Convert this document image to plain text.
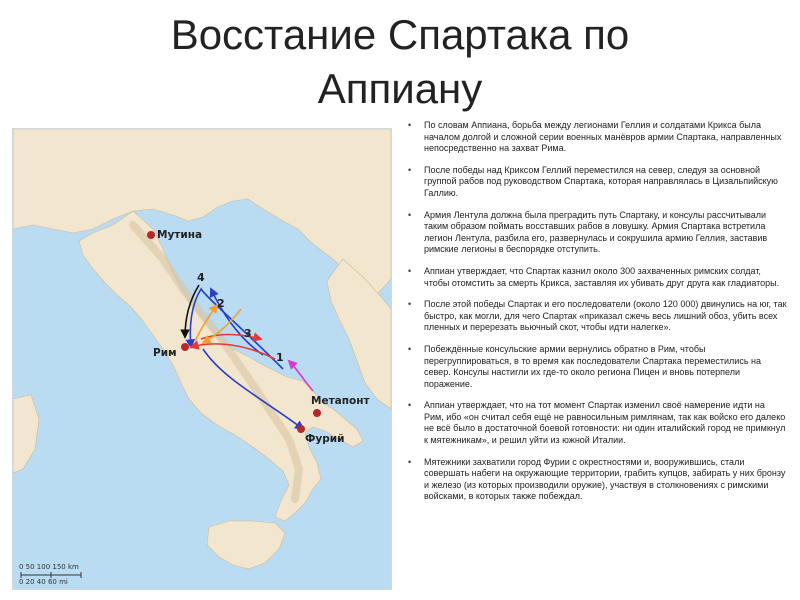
Восстание Спартака по
Аппиану
1
2
3
4
Мутина
Рим
Метапонт
Фурий
0 50 100 150 km
0 20 40 60 mi
• По словам Аппиана, борьба между легионами Геллия и солдатами Крикса была началом долгой и сложной серии военных манёвров армии Спартака, направленных непосредственно на захват Рима.
• После победы над Криксом Геллий переместился на север, следуя за основной группой рабов под руководством Спартака, которая направлялась в Цизальпийскую Галлию.
• Армия Лентула должна была преградить путь Спартаку, и консулы рассчитывали таким образом поймать восставших рабов в ловушку. Армия Спартака встретила легион Лентула, разбила его, развернулась и сокрушила армию Геллия, заставив римские легионы в беспорядке отступить.
• Аппиан утверждает, что Спартак казнил около 300 захваченных римских солдат, чтобы отомстить за смерть Крикса, заставляя их убивать друг друга как гладиаторы.
• После этой победы Спартак и его последователи (около 120 000) двинулись на юг, так быстро, как могли, для чего Спартак «приказал сжечь весь лишний обоз, убить всех пленных и перерезать вьючный скот, чтобы идти налегке».
• Побеждённые консульские армии вернулись обратно в Рим, чтобы перегруппироваться, в то время как последователи Спартака переместились на север. Консулы настигли их где-то около региона Пицен и вновь потерпели поражение.
• Аппиан утверждает, что на тот момент Спартак изменил своё намерение идти на Рим, ибо «он считал себя ещё не равносильным римлянам, так как войско его далеко не всё было в достаточной боевой готовности: ни один италийский город не примкнул к мятежникам», и решил уйти из южной Италии.
• Мятежники захватили город Фурии с окрестностями и, вооружившись, стали совершать набеги на окружающие территории, грабить купцов, забирать у них бронзу и железо (из которых производили оружие), участвуя в столкновениях с римскими войсками, в которых также побеждал.
